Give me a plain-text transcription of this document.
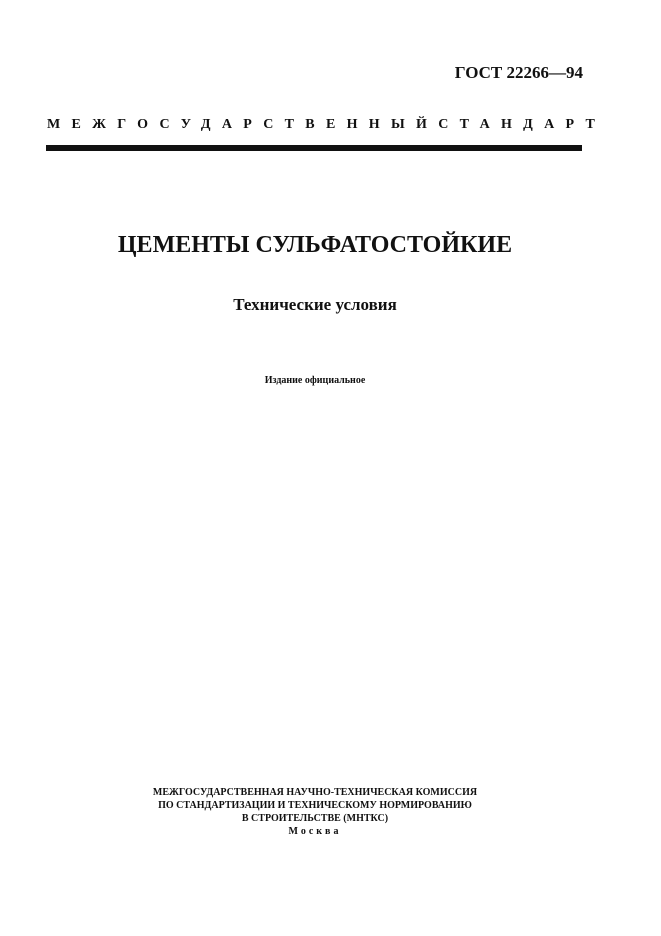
ГОСТ 22266—94
МЕЖГОСУДАРСТВЕННЫЙ СТАНДАРТ
ЦЕМЕНТЫ СУЛЬФАТОСТОЙКИЕ
Технические условия
Издание официальное
МЕЖГОСУДАРСТВЕННАЯ НАУЧНО-ТЕХНИЧЕСКАЯ КОМИССИЯ
ПО СТАНДАРТИЗАЦИИ И ТЕХНИЧЕСКОМУ НОРМИРОВАНИЮ
В СТРОИТЕЛЬСТВЕ (МНТКС)
Москва
